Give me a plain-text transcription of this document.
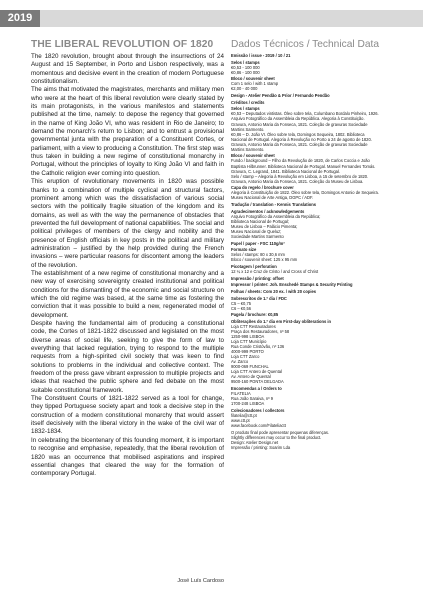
2019
THE LIBERAL REVOLUTION OF 1820 Dados Técnicos / Technical Data

The 1820 revolution, brought about through the insurrections of 24 August and 15 September, in Porto and Lisbon respectively, was a momentous and decisive event in the creation of modern Portuguese constitutionalism.

The aims that motivated the magistrates, merchants and military men who were at the heart of this liberal revolution were clearly stated by its main protagonists, in the various manifestos and statements published at the time, namely: to depose the regency that governed in the name of King João VI, who was resident in Rio de Janeiro; to demand the monarch's return to Lisbon; and to entrust a provisional governmental junta with the preparation of a Constituent Cortes, or parliament, with a view to producing a Constitution. The first step was thus taken in building a new regime of constitutional monarchy in Portugal, without the principles of loyalty to King João VI and faith in the Catholic religion ever coming into question.

This eruption of revolutionary movements in 1820 was possible thanks to a combination of multiple cyclical and structural factors, prominent among which was the dissatisfaction of various social sectors with the politically fragile situation of the kingdom and its domains, as well as with the way the permanence of obstacles that prevented the full development of national capabilities. The social and political privileges of members of the clergy and nobility and the presence of English officials in key posts in the political and military administration – justified by the help provided during the French invasions – were particular reasons for discontent among the leaders of the revolution.

The establishment of a new regime of constitutional monarchy and a new way of exercising sovereignty created institutional and political conditions for the dismantling of the economic and social structure on which the old regime was based, at the same time as fostering the conviction that it was possible to build a new, regenerated model of development.

Despite having the fundamental aim of producing a constitutional code, the Cortes of 1821-1822 discussed and legislated on the most diverse areas of social life, seeking to give the form of law to everything that lacked regulation, trying to respond to the multiple requests from a high-spirited civil society that was keen to find solutions to problems in the individual and collective context. The freedom of the press gave vibrant expression to multiple projects and ideas that reached the public sphere and fed debate on the most suitable constitutional framework.

The Constituent Courts of 1821-1822 served as a tool for change, they tipped Portuguese society apart and took a decisive step in the construction of a modern constitutional monarchy that would assert itself decisively with the liberal victory in the wake of the civil war of 1832-1834.

In celebrating the bicentenary of this founding moment, it is important to recognise and emphasise, repeatedly, that the liberal revolution of 1820 was an occurrence that mobilised aspirations and inspired essential changes that cleared the way for the formation of contemporary Portugal.

José Luís Cardoso
Emissão / issue - 2019 / 10 / 21
Selos / stamps
€0,53 - 100 000
€0,86 - 100 000
Bloco / souvenir sheet
Com 1 selo / with 1 stamp
€2,00 - 40 000
Design - Atelier Pendão & Prior / Fernando Pendão
Créditos / credits
Selos / stamps
€0,53 – Deputados vintistas. Óleo sobre tela, Columbano Bordalo Pinheiro, 1926. Arquivo Fotográfico da Assembleia da República. Alegoria à Constituição. Gravura, Antonio Maria da Fonseca, 1821. Coleção de gravuras Sociedade Martins Sarmento.
€0,86 – D. João VI. Óleo sobre tela, Domingos Sequeira, 1802. Biblioteca Nacional de Portugal. Alegoria à Revolução no Porto a 24 de agosto de 1820. Gravura, Antonio Maria da Fonseca, 1821. Coleção de gravuras Sociedade Martins Sarmento.
Bloco / souvenir sheet
Fundo / background – Filho da Revolução de 1820, de Carlos Coccia e João Baptista Hilbrunner. Biblioteca Nacional de Portugal. Manuel Fernandes Tomás. Gravura, C. Legrand, 1841. Biblioteca Nacional de Portugal.
Selo / stamp – Alegoria à Revolução em Lisboa, a 15 de setembro de 1820. Gravura, Antonio Maria da Fonseca, 1821. Coleção do Museu de Lisboa.
Capa do regelo / brochure cover
Alegoria à Constituição de 1822. Óleo sobre tela, Domingos Antonio de Sequeira. Museu Nacional de Arte Antiga, DGPC / ADF.
Tradução / translation - Kennis Translations
Agradecimentos / acknowledgements
Arquivo Fotográfico da Assembleia da República;
Biblioteca Nacional de Portugal;
Museu de Lisboa – Palácio Pimenta;
Museu Nacional de Queluz;
Sociedade Martins Sarmento
Papel / paper - FSC 110g/m²
Formato size
Selos / stamps: 80 x 30,6 mm
Bloco / souvenir sheet: 125 x 95 mm
Picotagem / perforation
12 ¼ x 12 e Cruz de Cristo / and Cross of Christ
Impressão / printing: offset
Impressor / printer: Joh. Enschedé Stamps & Security Printing
Folhas / sheets: Com 20 ex. / with 20 copies
Sobrescritos de 1.º dia / FDC
C5 – €0,75
C6 – €0,56
Pagela / brochure: €0,85
Obliterações do 1.º dia em First-day obliterations in
Loja CTT Restauradores
Praça dos Restauradores, nº 58
1250-998 LISBOA
Loja CTT Município
Rua Conde Cristóvão, nº 136
4000-999 PORTO
Loja CTT Zarco
Av. Zarco
9000-069 FUNCHAL
Loja CTT Antero de Quental
Av. Antero de Quental
9500-160 PONTA DELGADA
Encomendas a / Orders to
FILATELIA
Rua João Saraiva, nº 9
1700-248 LISBOA
Colecionadores / collectors
filatelia@ctt.pt
www.ctt.pt
www.facebook.com/Filateliactt
O produto final pode apresentar pequenas diferenças.
Slightly differences may occur to the final product.
Design: Atelier Design.net
Impressão / printing: Soarim Lda
